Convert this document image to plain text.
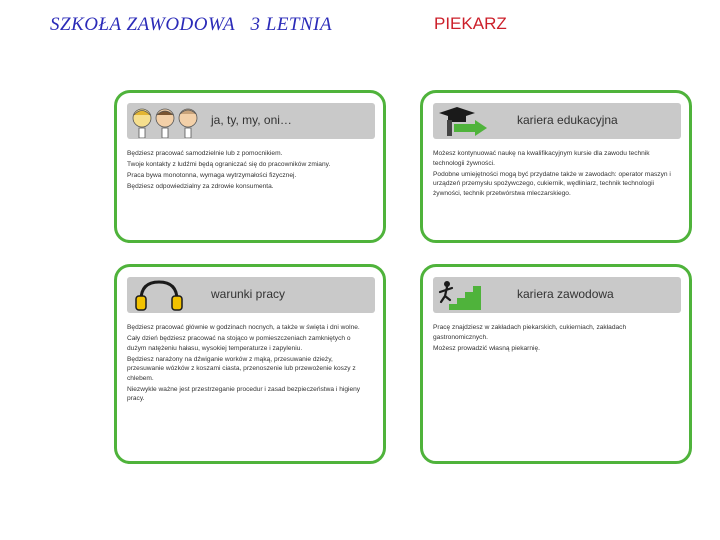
SZKOŁA ZAWODOWA   3 LETNIA	PIEKARZ
ja, ty, my, oni…

Będziesz pracować samodzielnie lub z pomocnikiem.

Twoje kontakty z ludźmi będą ograniczać się do pracowników zmiany.

Praca bywa monotonna, wymaga wytrzymałości fizycznej.

Będziesz odpowiedzialny za zdrowie konsumenta.

kariera edukacyjna

Możesz kontynuować naukę na kwalifikacyjnym kursie dla zawodu technik technologii żywności.

Podobne umiejętności mogą być przydatne także w zawodach: operator maszyn i urządzeń przemysłu spożywczego, cukiernik, wędliniarz, technik technologii żywności, technik przetwórstwa mleczarskiego.

warunki pracy

Będziesz pracować głównie w godzinach nocnych, a także w święta i dni wolne.

Cały dzień będziesz pracować na stojąco w pomieszczeniach zamkniętych o dużym natężeniu hałasu, wysokiej temperaturze i zapyleniu.

Będziesz narażony na dźwiganie worków z mąką, przesuwanie dzieży, przesuwanie wózków z koszami ciasta, przenoszenie lub przewożenie koszy z chlebem.

Niezwykle ważne jest przestrzeganie procedur i zasad bezpieczeństwa i higieny pracy.

kariera zawodowa

Pracę znajdziesz w zakładach piekarskich, cukierniach, zakładach gastronomicznych.

Możesz prowadzić własną piekarnię.
